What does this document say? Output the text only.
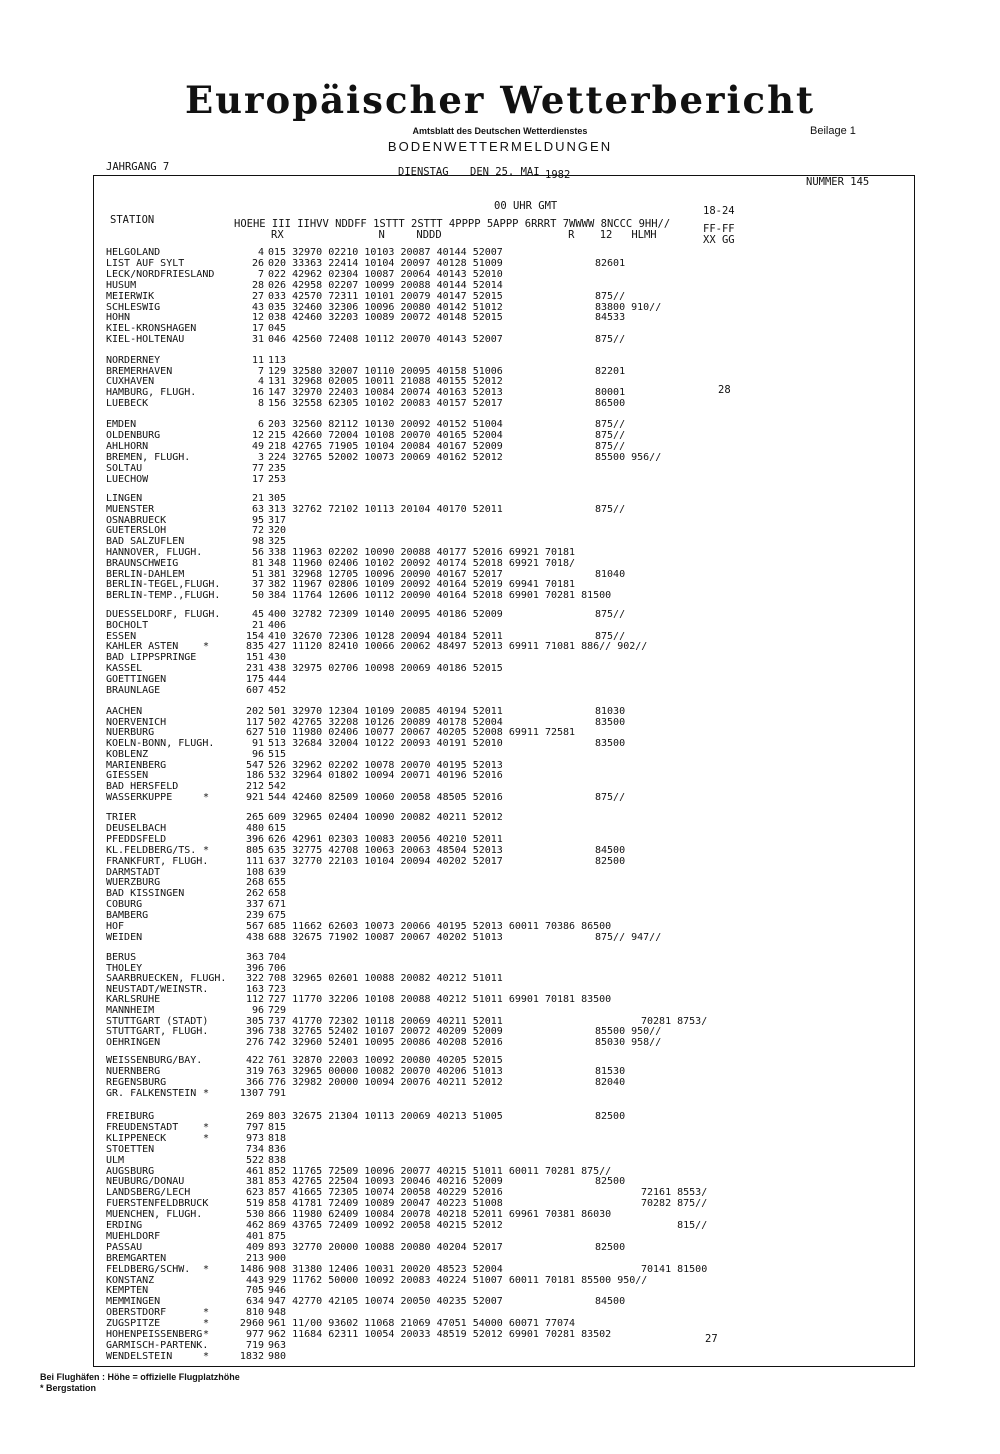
Europäischer Wetterbericht
Amtsblatt des Deutschen Wetterdienstes	Beilage 1
BODENWETTERMELDUNGEN
JAHRGANG 7	DIENSTAG DEN 25. MAI 1982
NUMMER 145
00 UHR GMT
STATION	HOEHE III IIHVV NDDFF 1STTT 2STTT 4PPPP 5APPP 6RRRT 7WWWW 8NCCC 9HH//
RX               N     NDDD                    R    12   HLMH
18-24
FF-FF
XX GG
HELGOLAND	4 015 32970 02210 10103 20087 40144 52007
LIST AUF SYLT	26 020 33363 22414 10104 20097 40128 51009	82601
LECK/NORDFRIESLAND	7 022 42962 02304 10087 20064 40143 52010
HUSUM	28 026 42958 02207 10099 20088 40144 52014
MEIERWIK	27 033 42570 72311 10101 20079 40147 52015	875//
SCHLESWIG	43 035 32460 32306 10096 20080 40142 51012	83800 910//
HOHN	12 038 42460 32203 10089 20072 40148 52015	84533
KIEL-KRONSHAGEN	17 045
KIEL-HOLTENAU	31 046 42560 72408 10112 20070 40143 52007	875//
NORDERNEY	11 113
BREMERHAVEN	7 129 32580 32007 10110 20095 40158 51006	82201
CUXHAVEN	4 131 32968 02005 10011 21088 40155 52012
HAMBURG, FLUGH.	16 147 32970 22403 10084 20074 40163 52013	80001
LUEBECK	8 156 32558 62305 10102 20083 40157 52017	86500
EMDEN	6 203 32560 82112 10130 20092 40152 51004	875//
OLDENBURG	12 215 42660 72004 10108 20070 40165 52004	875//
AHLHORN	49 218 42765 71905 10104 20084 40167 52009	875//
BREMEN, FLUGH.	3 224 32765 52002 10073 20069 40162 52012	85500 956//
SOLTAU	77 235
LUECHOW	17 253
LINGEN	21 305
MUENSTER	63 313 32762 72102 10113 20104 40170 52011	875//
OSNABRUECK	95 317
GUETERSLOH	72 320
BAD SALZUFLEN	98 325
HANNOVER, FLUGH.	56 338 11963 02202 10090 20088 40177 52016 69921 70181
BRAUNSCHWEIG	81 348 11960 02406 10102 20092 40174 52018 69921 7018/
BERLIN-DAHLEM	51 381 32968 12705 10096 20090 40167 52017	81040
BERLIN-TEGEL,FLUGH.	37 382 11967 02806 10109 20092 40164 52019 69941 70181
BERLIN-TEMP.,FLUGH.	50 384 11764 12606 10112 20090 40164 52018 69901 70281 81500
DUESSELDORF, FLUGH.	45 400 32782 72309 10140 20095 40186 52009	875//
BOCHOLT	21 406
ESSEN	154 410 32670 72306 10128 20094 40184 52011	875//
KAHLER ASTEN *	835 427 11120 82410 10066 20062 48497 52013 69911 71081 886// 902//
BAD LIPPSPRINGE	151 430
KASSEL	231 438 32975 02706 10098 20069 40186 52015
GOETTINGEN	175 444
BRAUNLAGE	607 452
AACHEN	202 501 32970 12304 10109 20085 40194 52011	81030
NOERVENICH	117 502 42765 32208 10126 20089 40178 52004	83500
NUERBURG	627 510 11980 02406 10077 20067 40205 52008 69911 72581
KOELN-BONN, FLUGH.	91 513 32684 32004 10122 20093 40191 52010	83500
KOBLENZ	96 515
MARIENBERG	547 526 32962 02202 10078 20070 40195 52013
GIESSEN	186 532 32964 01802 10094 20071 40196 52016
BAD HERSFELD	212 542
WASSERKUPPE	*	921 544 42460 82509 10060 20058 48505 52016	875//
TRIER	265 609 32965 02404 10090 20082 40211 52012
DEUSELBACH	480 615
PFEDDSFELD	396 626 42961 02303 10083 20056 40210 52011
KL.FELDBERG/TS. *	805 635 32775 42708 10063 20063 48504 52013	84500
FRANKFURT, FLUGH.	111 637 32770 22103 10104 20094 40202 52017	82500
DARMSTADT	108 639
WUERZBURG	268 655
BAD KISSINGEN	262 658
COBURG	337 671
BAMBERG	239 675
HOF	567 685 11662 62603 10073 20066 40195 52013 60011 70386 86500
WEIDEN	438 688 32675 71902 10087 20067 40202 51013	875// 947//
BERUS	363 704
THOLEY	396 706
SAARBRUECKEN, FLUGH.	322 708 32965 02601 10088 20082 40212 51011
NEUSTADT/WEINSTR.	163 723
KARLSRUHE	112 727 11770 32206 10108 20088 40212 51011 69901 70181 83500
MANNHEIM	96 729
STUTTGART (STADT)	305 737 41770 72302 10118 20069 40211 52011	70281 8753/
STUTTGART, FLUGH.	396 738 32765 52402 10107 20072 40209 52009	85500 950//
OEHRINGEN	276 742 32960 52401 10095 20086 40208 52016	85030 958//
WEISSENBURG/BAY.	422 761 32870 22003 10092 20080 40205 52015
NUERNBERG	319 763 32965 00000 10082 20070 40206 51013	81530
REGENSBURG	366 776 32982 20000 10094 20076 40211 52012	82040
GR. FALKENSTEIN *	1307 791
FREIBURG	269 803 32675 21304 10113 20069 40213 51005	82500
FREUDENSTADT *	797 815
KLIPPENECK	*	973 818
STOETTEN	734 836
ULM	522 838
AUGSBURG	461 852 11765 72509 10096 20077 40215 51011 60011 70281 875//
NEUBURG/DONAU	381 853 42765 22504 10093 20046 40216 52009	82500
LANDSBERG/LECH	623 857 41665 72305 10074 20058 40229 52016	72161 8553/
FUERSTENFELDBRUCK	519 858 41781 72409 10089 20047 40223 51008	70282 875//
MUENCHEN, FLUGH.	530 866 11980 62409 10084 20078 40218 52011 69961 70381 86030
ERDING	462 869 43765 72409 10092 20058 40215 52012	815//
MUEHLDORF	401 875
PASSAU	409 893 32770 20000 10088 20080 40204 52017	82500
BREMGARTEN	213 900
FELDBERG/SCHW. *	1486 908 31380 12406 10031 20020 48523 52004	70141 81500
KONSTANZ	443 929 11762 50000 10092 20083 40224 51007 60011 70181 85500 950//
KEMPTEN	705 946
MEMMINGEN	634 947 42770 42105 10074 20050 40235 52007	84500
OBERSTDORF	*	810 948
ZUGSPITZE	*	2960 961 11/00 93602 11068 21069 47051 54000 60071 77074
HOHENPEISSENBERG *	977 962 11684 62311 10054 20033 48519 52012 69901 70281 83502
GARMISCH-PARTENK.	719 963
WENDELSTEIN	*	1832 980
28
27
Bei Flughäfen : Höhe = offizielle Flugplatzhöhe
* Bergstation
